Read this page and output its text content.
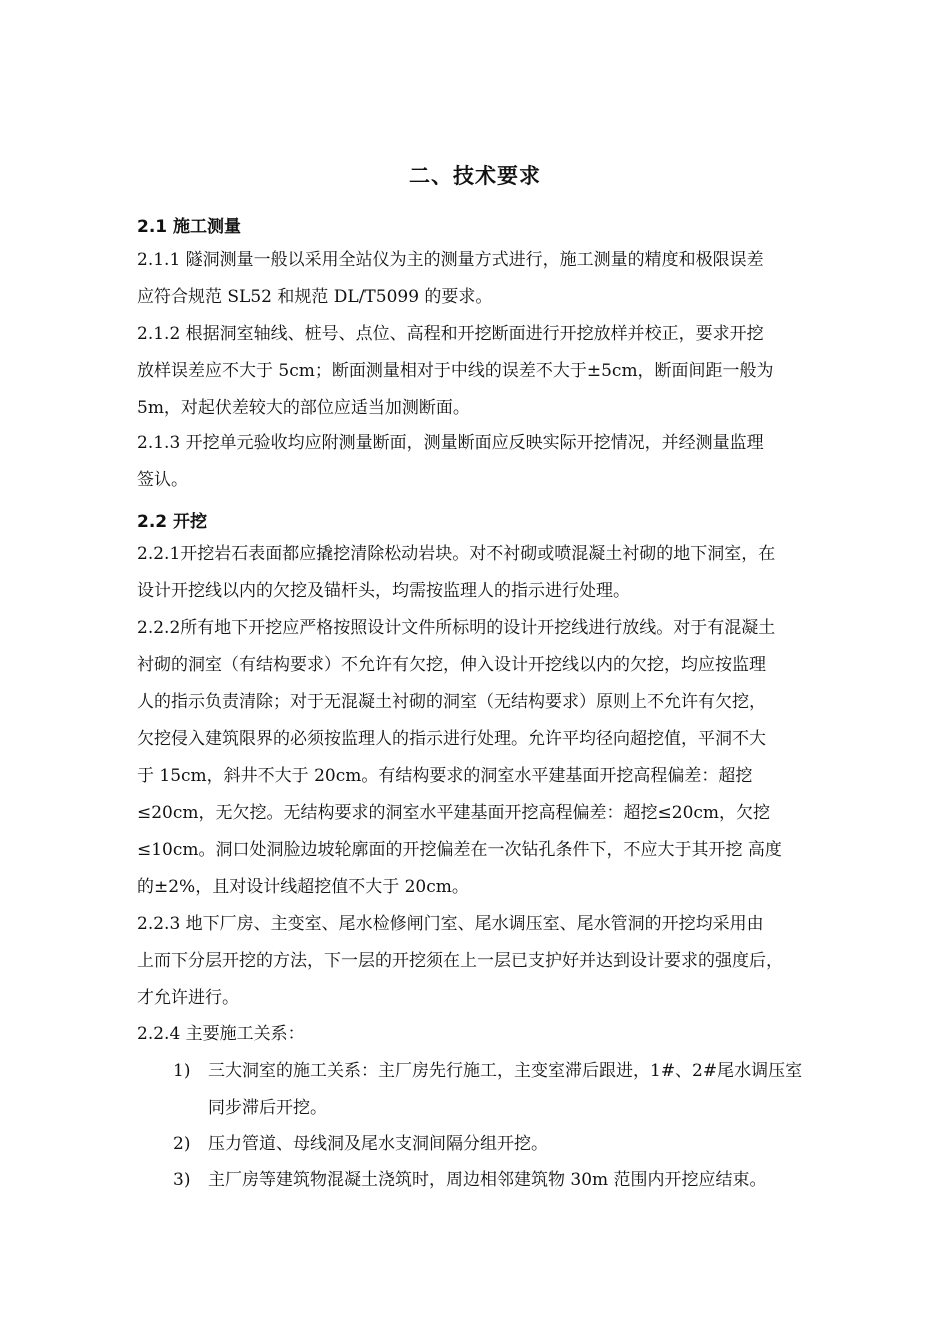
二、技术要求
2.1 施工测量
2.1.1 隧洞测量一般以采用全站仪为主的测量方式进行，施工测量的精度和极限误差
应符合规范 SL52 和规范 DL/T5099 的要求。
2.1.2 根据洞室轴线、桩号、点位、高程和开挖断面进行开挖放样并校正，要求开挖
放样误差应不大于 5cm；断面测量相对于中线的误差不大于±5cm，断面间距一般为
5m，对起伏差较大的部位应适当加测断面。
2.1.3 开挖单元验收均应附测量断面，测量断面应反映实际开挖情况，并经测量监理
签认。
2.2 开挖
2.2.1开挖岩石表面都应撬挖清除松动岩块。对不衬砌或喷混凝土衬砌的地下洞室，在
设计开挖线以内的欠挖及锚杆头，均需按监理人的指示进行处理。
2.2.2所有地下开挖应严格按照设计文件所标明的设计开挖线进行放线。对于有混凝土
衬砌的洞室（有结构要求）不允许有欠挖，伸入设计开挖线以内的欠挖，均应按监理
人的指示负责清除；对于无混凝土衬砌的洞室（无结构要求）原则上不允许有欠挖，
欠挖侵入建筑限界的必须按监理人的指示进行处理。允许平均径向超挖值，平洞不大
于 15cm，斜井不大于 20cm。有结构要求的洞室水平建基面开挖高程偏差：超挖
≤20cm，无欠挖。无结构要求的洞室水平建基面开挖高程偏差：超挖≤20cm，欠挖
≤10cm。洞口处洞脸边坡轮廓面的开挖偏差在一次钻孔条件下，不应大于其开挖 高度
的±2%，且对设计线超挖值不大于 20cm。
2.2.3 地下厂房、主变室、尾水检修闸门室、尾水调压室、尾水管洞的开挖均采用由
上而下分层开挖的方法，下一层的开挖须在上一层已支护好并达到设计要求的强度后，
才允许进行。
2.2.4 主要施工关系：
1) 三大洞室的施工关系：主厂房先行施工，主变室滞后跟进，1#、2#尾水调压室
同步滞后开挖。
2) 压力管道、母线洞及尾水支洞间隔分组开挖。
3) 主厂房等建筑物混凝土浇筑时，周边相邻建筑物 30m 范围内开挖应结束。
